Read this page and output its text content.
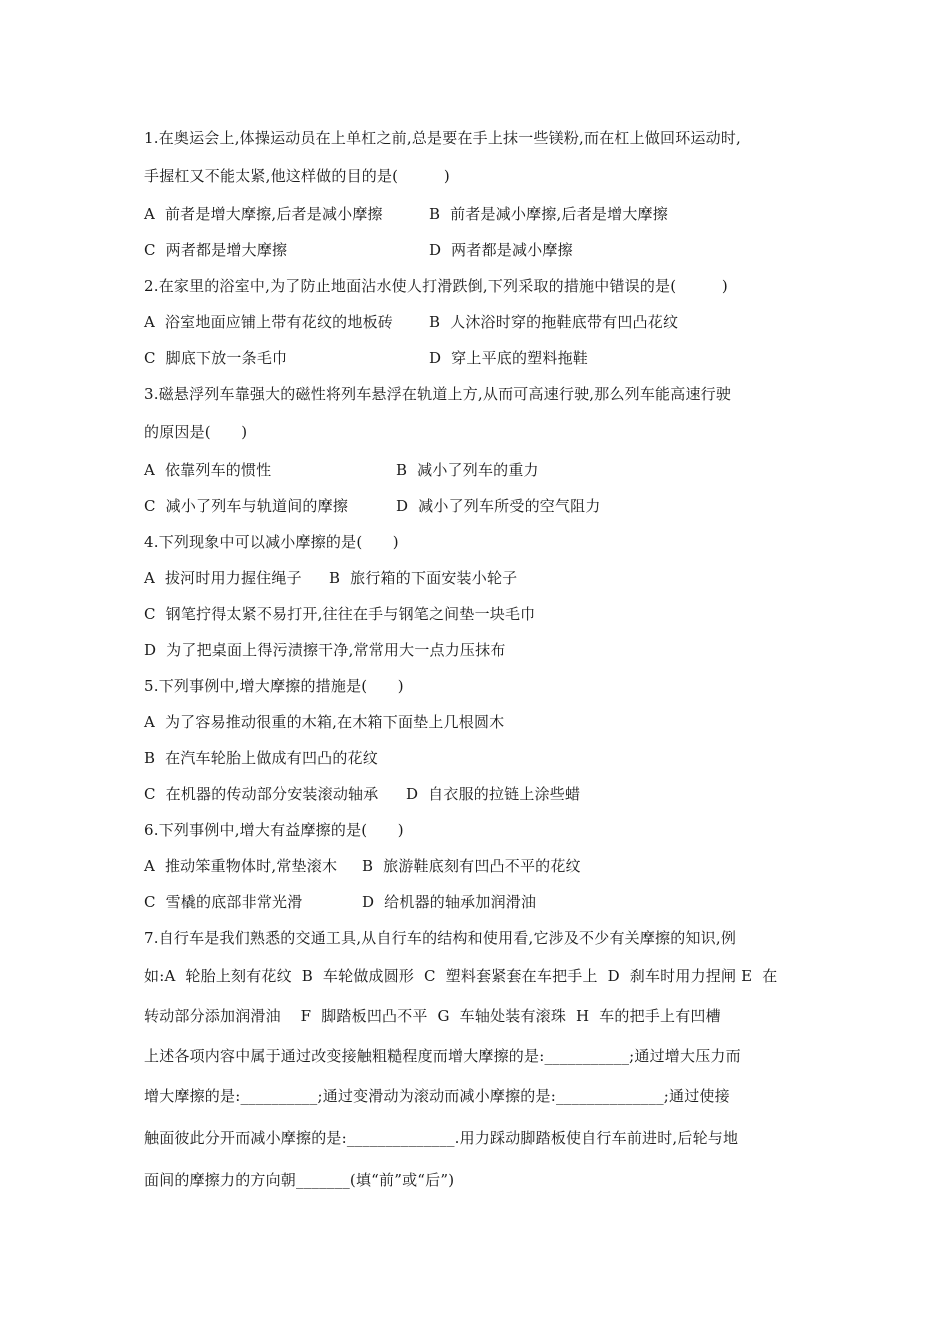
1.在奥运会上,体操运动员在上单杠之前,总是要在手上抹一些镁粉,而在杠上做回环运动时,
手握杠又不能太紧,他这样做的目的是(　　　)
A  前者是增大摩擦,后者是减小摩擦	B  前者是减小摩擦,后者是增大摩擦
C  两者都是增大摩擦	D  两者都是减小摩擦
2.在家里的浴室中,为了防止地面沾水使人打滑跌倒,下列采取的措施中错误的是(　　　)
A  浴室地面应铺上带有花纹的地板砖 B  人沐浴时穿的拖鞋底带有凹凸花纹
C  脚底下放一条毛巾	D  穿上平底的塑料拖鞋
3.磁悬浮列车靠强大的磁性将列车悬浮在轨道上方,从而可高速行驶,那么列车能高速行驶
的原因是(　　)
A  依靠列车的惯性	B  减小了列车的重力
C  减小了列车与轨道间的摩擦	D  减小了列车所受的空气阻力
4.下列现象中可以减小摩擦的是(　　)
A  拔河时用力握住绳子 B  旅行箱的下面安装小轮子
C  钢笔拧得太紧不易打开,往往在手与钢笔之间垫一块毛巾
D  为了把桌面上得污渍擦干净,常常用大一点力压抹布
5.下列事例中,增大摩擦的措施是(　　)
A  为了容易推动很重的木箱,在木箱下面垫上几根圆木
B  在汽车轮胎上做成有凹凸的花纹
C  在机器的传动部分安装滚动轴承 D  自衣服的拉链上涂些蜡
6.下列事例中,增大有益摩擦的是(　　)
A  推动笨重物体时,常垫滚木 B  旅游鞋底刻有凹凸不平的花纹
C  雪橇的底部非常光滑	D  给机器的轴承加润滑油
7.自行车是我们熟悉的交通工具,从自行车的结构和使用看,它涉及不少有关摩擦的知识,例
如:A  轮胎上刻有花纹  B  车轮做成圆形  C  塑料套紧套在车把手上  D  刹车时用力捏闸 E  在
转动部分添加润滑油    F  脚踏板凹凸不平  G  车轴处装有滚珠  H  车的把手上有凹槽
上述各项内容中属于通过改变接触粗糙程度而增大摩擦的是:___________;通过增大压力而
增大摩擦的是:__________;通过变滑动为滚动而减小摩擦的是:______________;通过使接
触面彼此分开而减小摩擦的是:______________.用力踩动脚踏板使自行车前进时,后轮与地
面间的摩擦力的方向朝_______(填“前”或“后”)
